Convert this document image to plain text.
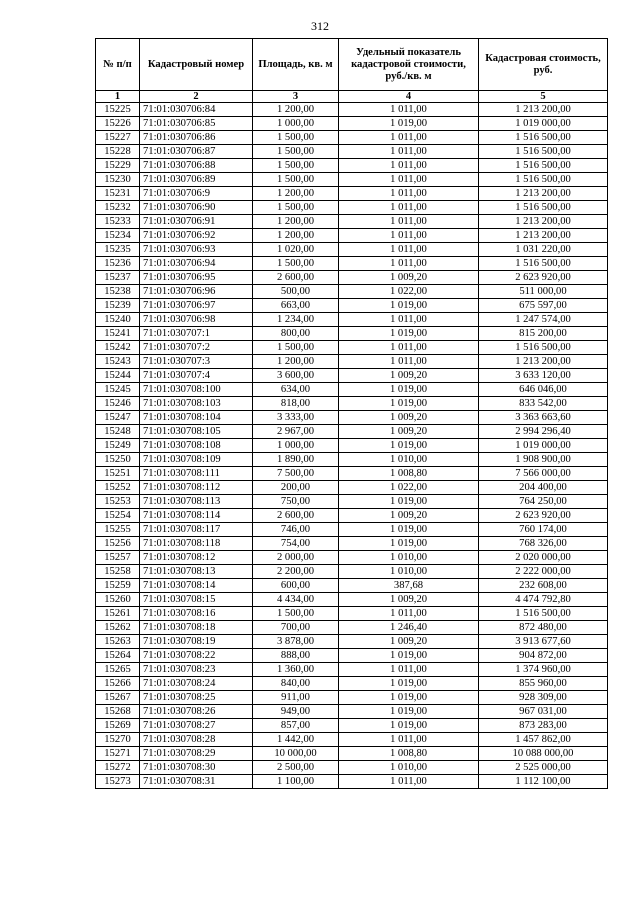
312
№ п/п	Кадастровый номер	Площадь, кв. м	Удельный показатель кадастровой стоимости, руб./кв. м	Кадастровая стоимость, руб.
1	2	3	4	5
15225	71:01:030706:84	1 200,00	1 011,00	1 213 200,00
15226	71:01:030706:85	1 000,00	1 019,00	1 019 000,00
15227	71:01:030706:86	1 500,00	1 011,00	1 516 500,00
15228	71:01:030706:87	1 500,00	1 011,00	1 516 500,00
15229	71:01:030706:88	1 500,00	1 011,00	1 516 500,00
15230	71:01:030706:89	1 500,00	1 011,00	1 516 500,00
15231	71:01:030706:9	1 200,00	1 011,00	1 213 200,00
15232	71:01:030706:90	1 500,00	1 011,00	1 516 500,00
15233	71:01:030706:91	1 200,00	1 011,00	1 213 200,00
15234	71:01:030706:92	1 200,00	1 011,00	1 213 200,00
15235	71:01:030706:93	1 020,00	1 011,00	1 031 220,00
15236	71:01:030706:94	1 500,00	1 011,00	1 516 500,00
15237	71:01:030706:95	2 600,00	1 009,20	2 623 920,00
15238	71:01:030706:96	500,00	1 022,00	511 000,00
15239	71:01:030706:97	663,00	1 019,00	675 597,00
15240	71:01:030706:98	1 234,00	1 011,00	1 247 574,00
15241	71:01:030707:1	800,00	1 019,00	815 200,00
15242	71:01:030707:2	1 500,00	1 011,00	1 516 500,00
15243	71:01:030707:3	1 200,00	1 011,00	1 213 200,00
15244	71:01:030707:4	3 600,00	1 009,20	3 633 120,00
15245	71:01:030708:100	634,00	1 019,00	646 046,00
15246	71:01:030708:103	818,00	1 019,00	833 542,00
15247	71:01:030708:104	3 333,00	1 009,20	3 363 663,60
15248	71:01:030708:105	2 967,00	1 009,20	2 994 296,40
15249	71:01:030708:108	1 000,00	1 019,00	1 019 000,00
15250	71:01:030708:109	1 890,00	1 010,00	1 908 900,00
15251	71:01:030708:111	7 500,00	1 008,80	7 566 000,00
15252	71:01:030708:112	200,00	1 022,00	204 400,00
15253	71:01:030708:113	750,00	1 019,00	764 250,00
15254	71:01:030708:114	2 600,00	1 009,20	2 623 920,00
15255	71:01:030708:117	746,00	1 019,00	760 174,00
15256	71:01:030708:118	754,00	1 019,00	768 326,00
15257	71:01:030708:12	2 000,00	1 010,00	2 020 000,00
15258	71:01:030708:13	2 200,00	1 010,00	2 222 000,00
15259	71:01:030708:14	600,00	387,68	232 608,00
15260	71:01:030708:15	4 434,00	1 009,20	4 474 792,80
15261	71:01:030708:16	1 500,00	1 011,00	1 516 500,00
15262	71:01:030708:18	700,00	1 246,40	872 480,00
15263	71:01:030708:19	3 878,00	1 009,20	3 913 677,60
15264	71:01:030708:22	888,00	1 019,00	904 872,00
15265	71:01:030708:23	1 360,00	1 011,00	1 374 960,00
15266	71:01:030708:24	840,00	1 019,00	855 960,00
15267	71:01:030708:25	911,00	1 019,00	928 309,00
15268	71:01:030708:26	949,00	1 019,00	967 031,00
15269	71:01:030708:27	857,00	1 019,00	873 283,00
15270	71:01:030708:28	1 442,00	1 011,00	1 457 862,00
15271	71:01:030708:29	10 000,00	1 008,80	10 088 000,00
15272	71:01:030708:30	2 500,00	1 010,00	2 525 000,00
15273	71:01:030708:31	1 100,00	1 011,00	1 112 100,00
